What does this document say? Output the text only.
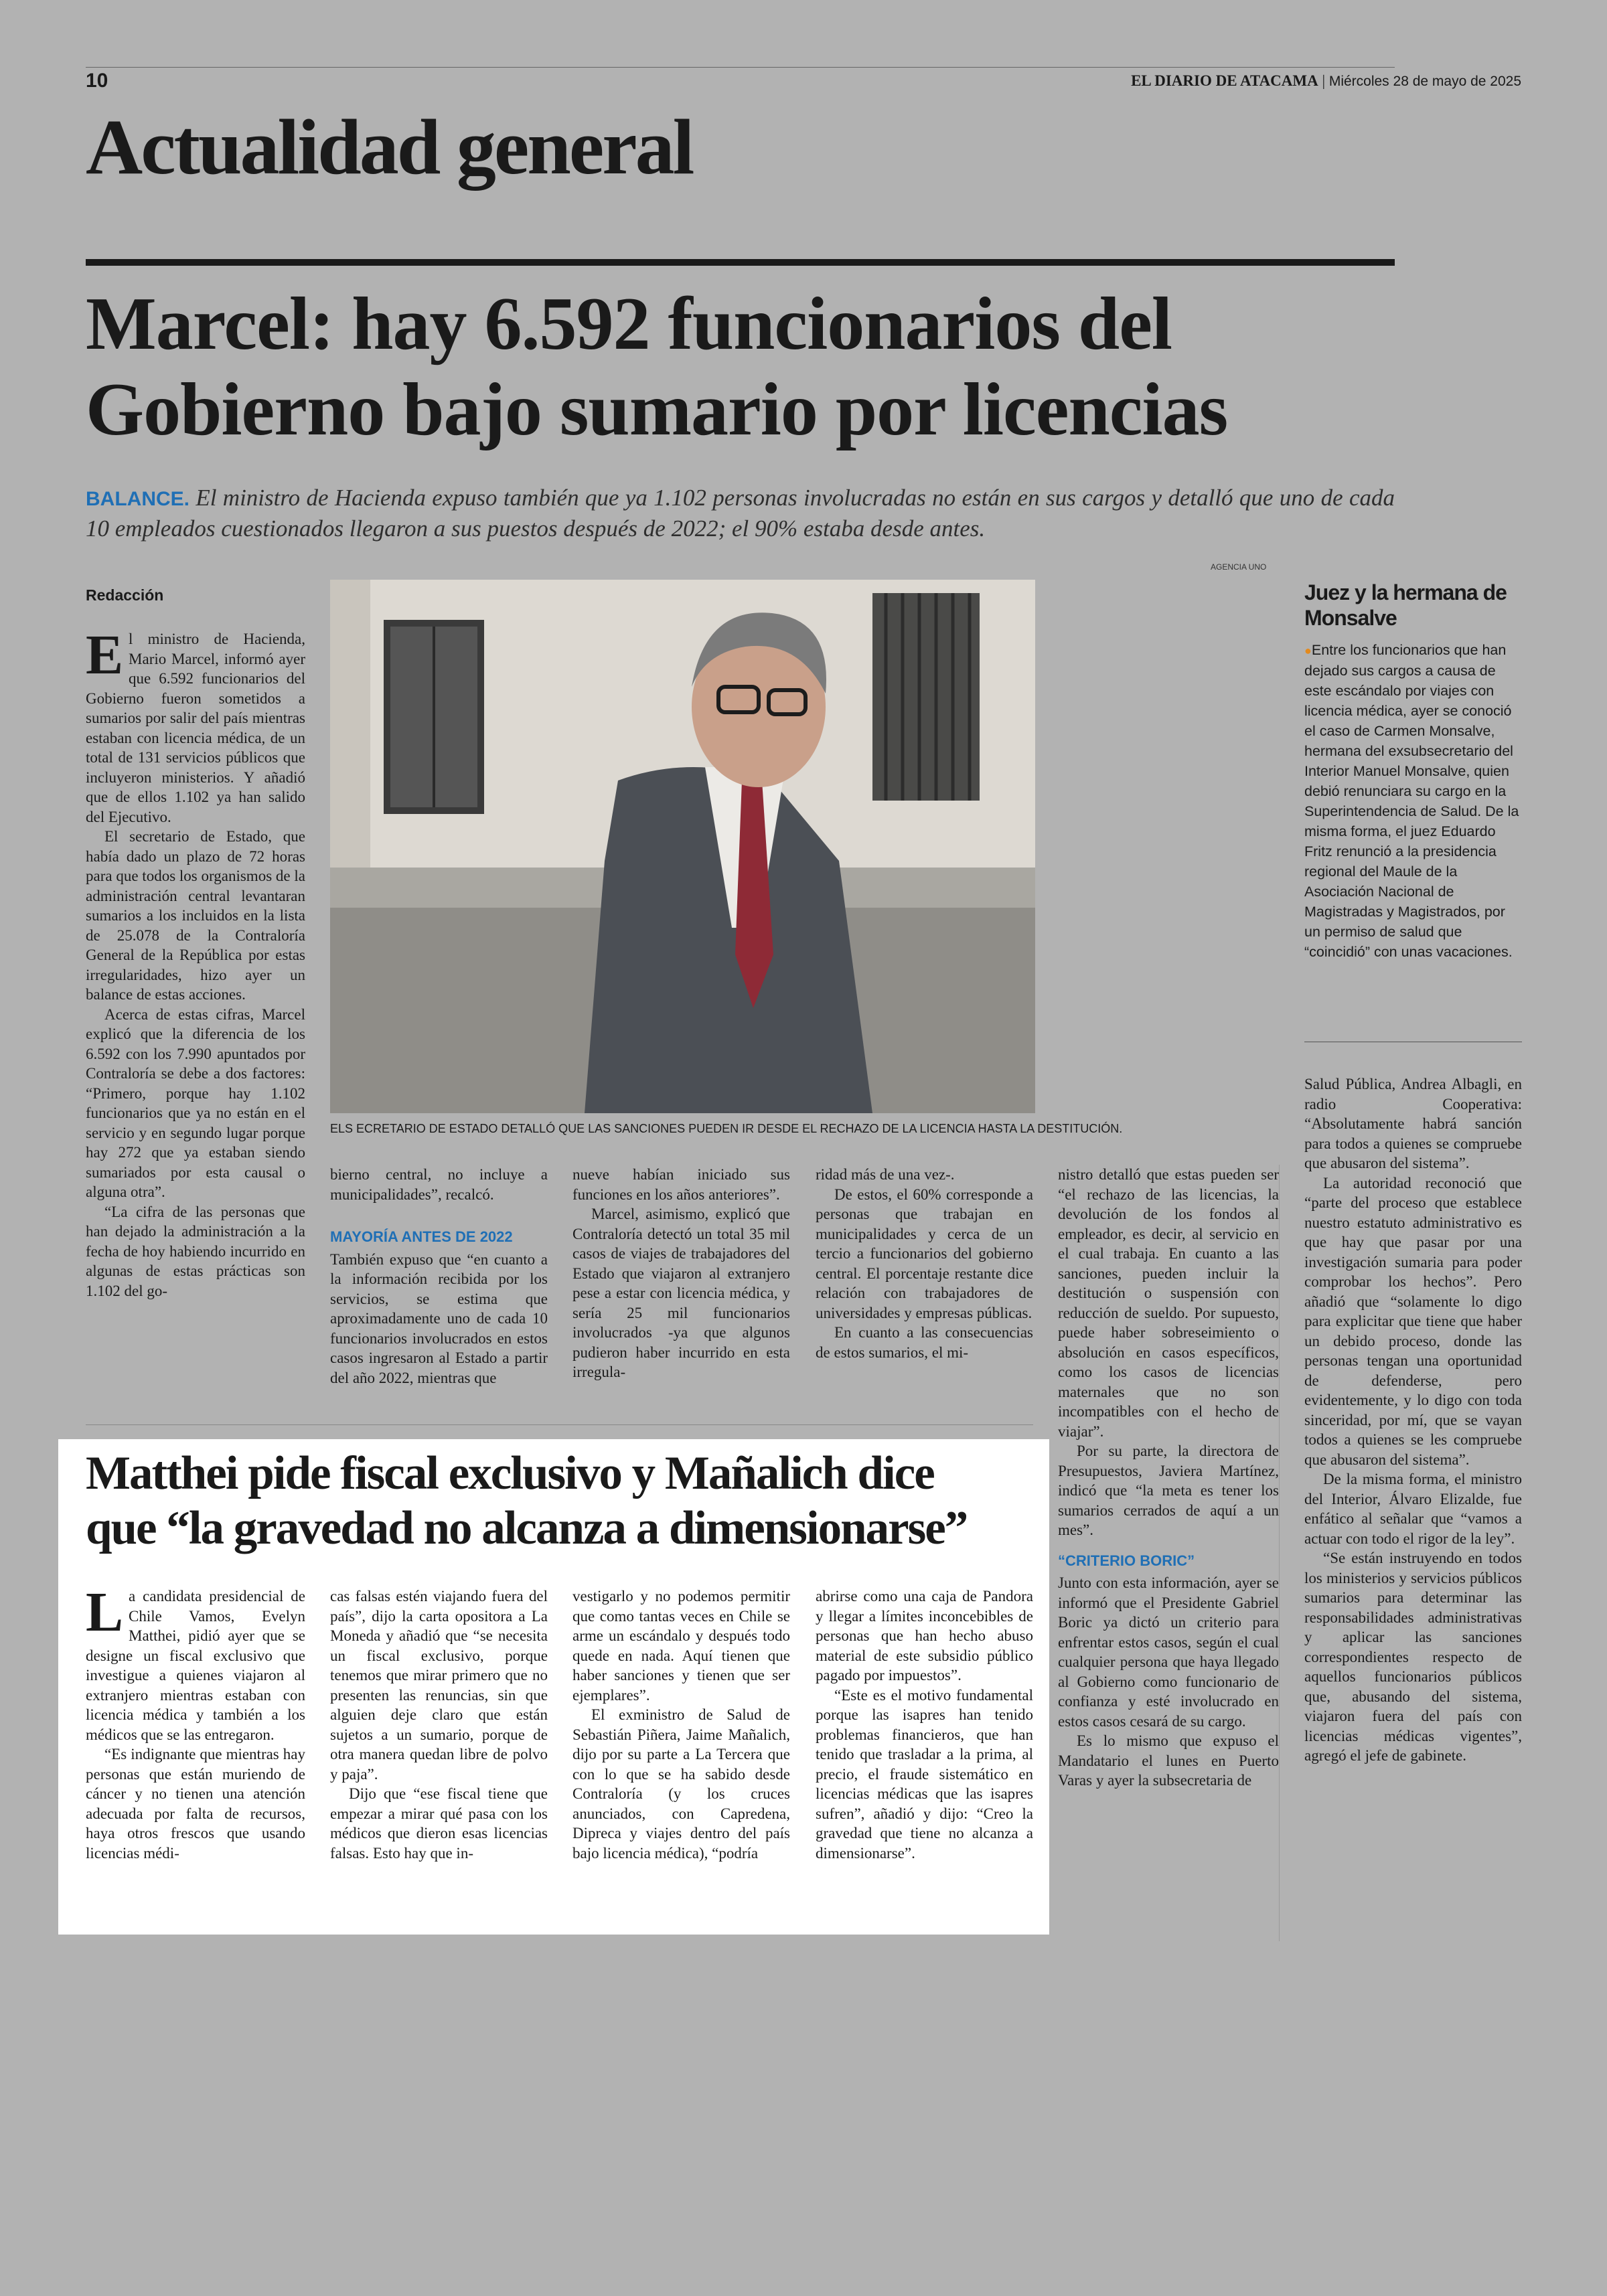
10	EL DIARIO DE ATACAMA | Miércoles 28 de mayo de 2025
Actualidad general
Marcel: hay 6.592 funcionarios del
Gobierno bajo sumario por licencias
BALANCE. El ministro de Hacienda expuso también que ya 1.102 personas involucradas no están en sus cargos y detalló que uno de cada 10 empleados cuestionados llegaron a sus puestos después de 2022; el 90% estaba desde antes.
Redacción
AGENCIA UNO
ELS ECRETARIO DE ESTADO DETALLÓ QUE LAS SANCIONES PUEDEN IR DESDE EL RECHAZO DE LA LICENCIA HASTA LA DESTITUCIÓN.

El ministro de Hacienda, Mario Marcel, informó ayer que 6.592 funcionarios del Gobierno fueron sometidos a sumarios por salir del país mientras estaban con licencia médica, de un total de 131 servicios públicos que incluyeron ministerios. Y añadió que de ellos 1.102 ya han salido del Ejecutivo.

El secretario de Estado, que había dado un plazo de 72 horas para que todos los organismos de la administración central levantaran sumarios a los incluidos en la lista de 25.078 de la Contraloría General de la República por estas irregularidades, hizo ayer un balance de estas acciones.

Acerca de estas cifras, Marcel explicó que la diferencia de los 6.592 con los 7.990 apuntados por Contraloría se debe a dos factores: “Primero, porque hay 1.102 funcionarios que ya no están en el servicio y en segundo lugar porque hay 272 que ya estaban siendo sumariados por esta causal o alguna otra”.

“La cifra de las personas que han dejado la administración a la fecha de hoy habiendo incurrido en algunas de estas prácticas son 1.102 del go-

bierno central, no incluye a municipalidades”, recalcó.

MAYORÍA ANTES DE 2022

También expuso que “en cuanto a la información recibida por los servicios, se estima que aproximadamente uno de cada 10 funcionarios involucrados en estos casos ingresaron al Estado a partir del año 2022, mientras que

nueve habían iniciado sus funciones en los años anteriores”.

Marcel, asimismo, explicó que Contraloría detectó un total 35 mil casos de viajes de trabajadores del Estado que viajaron al extranjero pese a estar con licencia médica, y sería 25 mil funcionarios involucrados -ya que algunos pudieron haber incurrido en esta irregula-

ridad más de una vez-.

De estos, el 60% corresponde a personas que trabajan en municipalidades y cerca de un tercio a funcionarios del gobierno central. El porcentaje restante dice relación con trabajadores de universidades y empresas públicas.

En cuanto a las consecuencias de estos sumarios, el mi-

nistro detalló que estas pueden ser “el rechazo de las licencias, la devolución de los fondos al empleador, es decir, al servicio en el cual trabaja. En cuanto a las sanciones, pueden incluir la destitución o suspensión con reducción de sueldo. Por supuesto, puede haber sobreseimiento o absolución en casos específicos, como los casos de licencias maternales que no son incompatibles con el hecho de viajar”.

Por su parte, la directora de Presupuestos, Javiera Martínez, indicó que “la meta es tener los sumarios cerrados de aquí a un mes”.

“CRITERIO BORIC”

Junto con esta información, ayer se informó que el Presidente Gabriel Boric ya dictó un criterio para enfrentar estos casos, según el cual cualquier persona que haya llegado al Gobierno como funcionario de confianza y esté involucrado en estos casos cesará de su cargo.

Es lo mismo que expuso el Mandatario el lunes en Puerto Varas y ayer la subsecretaria de

Juez y la hermana de Monsalve
●Entre los funcionarios que han dejado sus cargos a causa de este escándalo por viajes con licencia médica, ayer se conoció el caso de Carmen Monsalve, hermana del exsubsecretario del Interior Manuel Monsalve, quien debió renunciara su cargo en la Superintendencia de Salud. De la misma forma, el juez Eduardo Fritz renunció a la presidencia regional del Maule de la Asociación Nacional de Magistradas y Magistrados, por un permiso de salud que “coincidió” con unas vacaciones.

Salud Pública, Andrea Albagli, en radio Cooperativa: “Absolutamente habrá sanción para todos a quienes se compruebe que abusaron del sistema”.

La autoridad reconoció que “parte del proceso que establece nuestro estatuto administrativo es que hay que pasar por una investigación sumaria para poder comprobar los hechos”. Pero añadió que “solamente lo digo para explicitar que tiene que haber un debido proceso, donde las personas tengan una oportunidad de defenderse, pero evidentemente, y lo digo con toda sinceridad, por mí, que se vayan todos a quienes se les compruebe que abusaron del sistema”.

De la misma forma, el ministro del Interior, Álvaro Elizalde, fue enfático al señalar que “vamos a actuar con todo el rigor de la ley”.

“Se están instruyendo en todos los ministerios y servicios públicos sumarios para determinar las responsabilidades administrativas y aplicar las sanciones correspondientes respecto de aquellos funcionarios públicos que, abusando del sistema, viajaron fuera del país con licencias médicas vigentes”, agregó el jefe de gabinete.

Matthei pide fiscal exclusivo y Mañalich dice
que “la gravedad no alcanza a dimensionarse”

La candidata presidencial de Chile Vamos, Evelyn Matthei, pidió ayer que se designe un fiscal exclusivo que investigue a quienes viajaron al extranjero mientras estaban con licencia médica y también a los médicos que se las entregaron.

“Es indignante que mientras hay personas que están muriendo de cáncer y no tienen una atención adecuada por falta de recursos, haya otros frescos que usando licencias médi-

cas falsas estén viajando fuera del país”, dijo la carta opositora a La Moneda y añadió que “se necesita un fiscal exclusivo, porque tenemos que mirar primero que no presenten las renuncias, sin que alguien deje claro que están sujetos a un sumario, porque de otra manera quedan libre de polvo y paja”.

Dijo que “ese fiscal tiene que empezar a mirar qué pasa con los médicos que dieron esas licencias falsas. Esto hay que in-

vestigarlo y no podemos permitir que como tantas veces en Chile se arme un escándalo y después todo quede en nada. Aquí tienen que haber sanciones y tienen que ser ejemplares”.

El exministro de Salud de Sebastián Piñera, Jaime Mañalich, dijo por su parte a La Tercera que con lo que se ha sabido desde Contraloría (y los cruces anunciados, con Capredena, Dipreca y viajes dentro del país bajo licencia médica), “podría

abrirse como una caja de Pandora y llegar a límites inconcebibles de personas que han hecho abuso material de este subsidio público pagado por impuestos”.

“Este es el motivo fundamental porque las isapres han tenido problemas financieros, que han tenido que trasladar a la prima, al precio, el fraude sistemático en licencias médicas que las isapres sufren”, añadió y dijo: “Creo la gravedad que tiene no alcanza a dimensionarse”.
